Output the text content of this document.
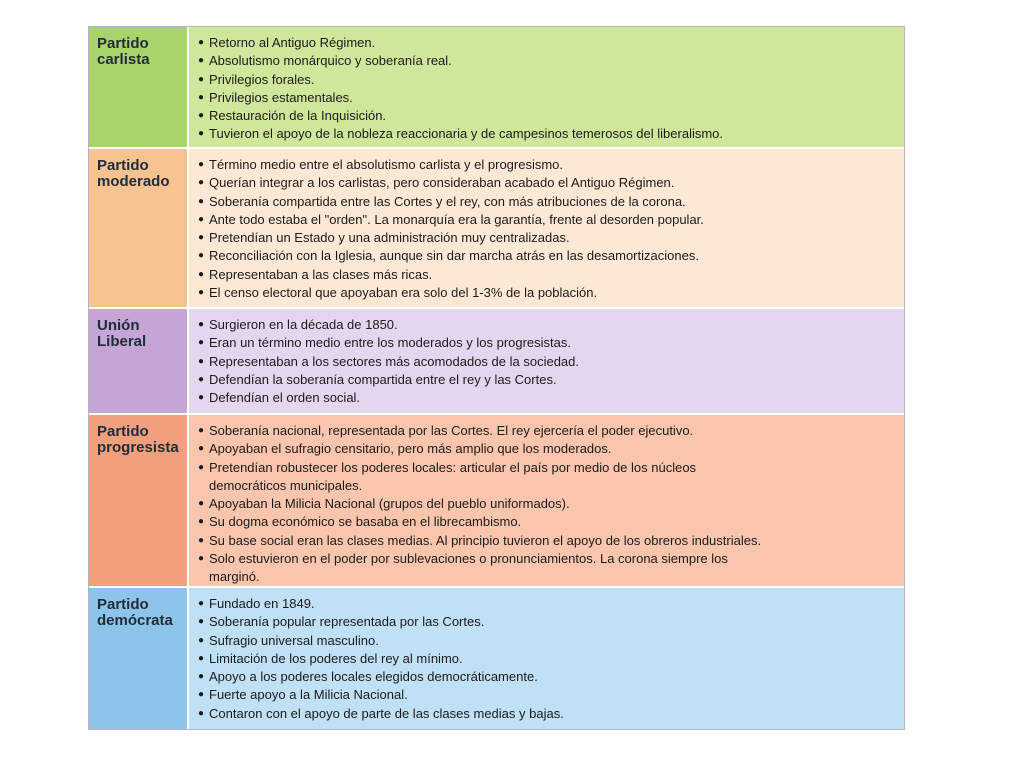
Partido
carlista
● Retorno al Antiguo Régimen.
● Absolutismo monárquico y soberanía real.
● Privilegios forales.
● Privilegios estamentales.
● Restauración de la Inquisición.
● Tuvieron el apoyo de la nobleza reaccionaria y de campesinos temerosos del liberalismo.
Partido
moderado
● Término medio entre el absolutismo carlista y el progresismo.
● Querían integrar a los carlistas, pero consideraban acabado el Antiguo Régimen.
● Soberanía compartida entre las Cortes y el rey, con más atribuciones de la corona.
● Ante todo estaba el "orden". La monarquía era la garantía, frente al desorden popular.
● Pretendían un Estado y una administración muy centralizadas.
● Reconciliación con la Iglesia, aunque sin dar marcha atrás en las desamortizaciones.
● Representaban a las clases más ricas.
● El censo electoral que apoyaban era solo del 1-3% de la población.
Unión
Liberal
● Surgieron en la década de 1850.
● Eran un término medio entre los moderados y los progresistas.
● Representaban a los sectores más acomodados de la sociedad.
● Defendían la soberanía compartida entre el rey y las Cortes.
● Defendían el orden social.
Partido
progresista
● Soberanía nacional, representada por las Cortes. El rey ejercería el poder ejecutivo.
● Apoyaban el sufragio censitario, pero más amplio que los moderados.
● Pretendían robustecer los poderes locales: articular el país por medio de los núcleos
democráticos municipales.
● Apoyaban la Milicia Nacional (grupos del pueblo uniformados).
● Su dogma económico se basaba en el librecambismo.
● Su base social eran las clases medias. Al principio tuvieron el apoyo de los obreros industriales.
● Solo estuvieron en el poder por sublevaciones o pronunciamientos. La corona siempre los
marginó.
Partido
demócrata
● Fundado en 1849.
● Soberanía popular representada por las Cortes.
● Sufragio universal masculino.
● Limitación de los poderes del rey al mínimo.
● Apoyo a los poderes locales elegidos democráticamente.
● Fuerte apoyo a la Milicia Nacional.
● Contaron con el apoyo de parte de las clases medias y bajas.
